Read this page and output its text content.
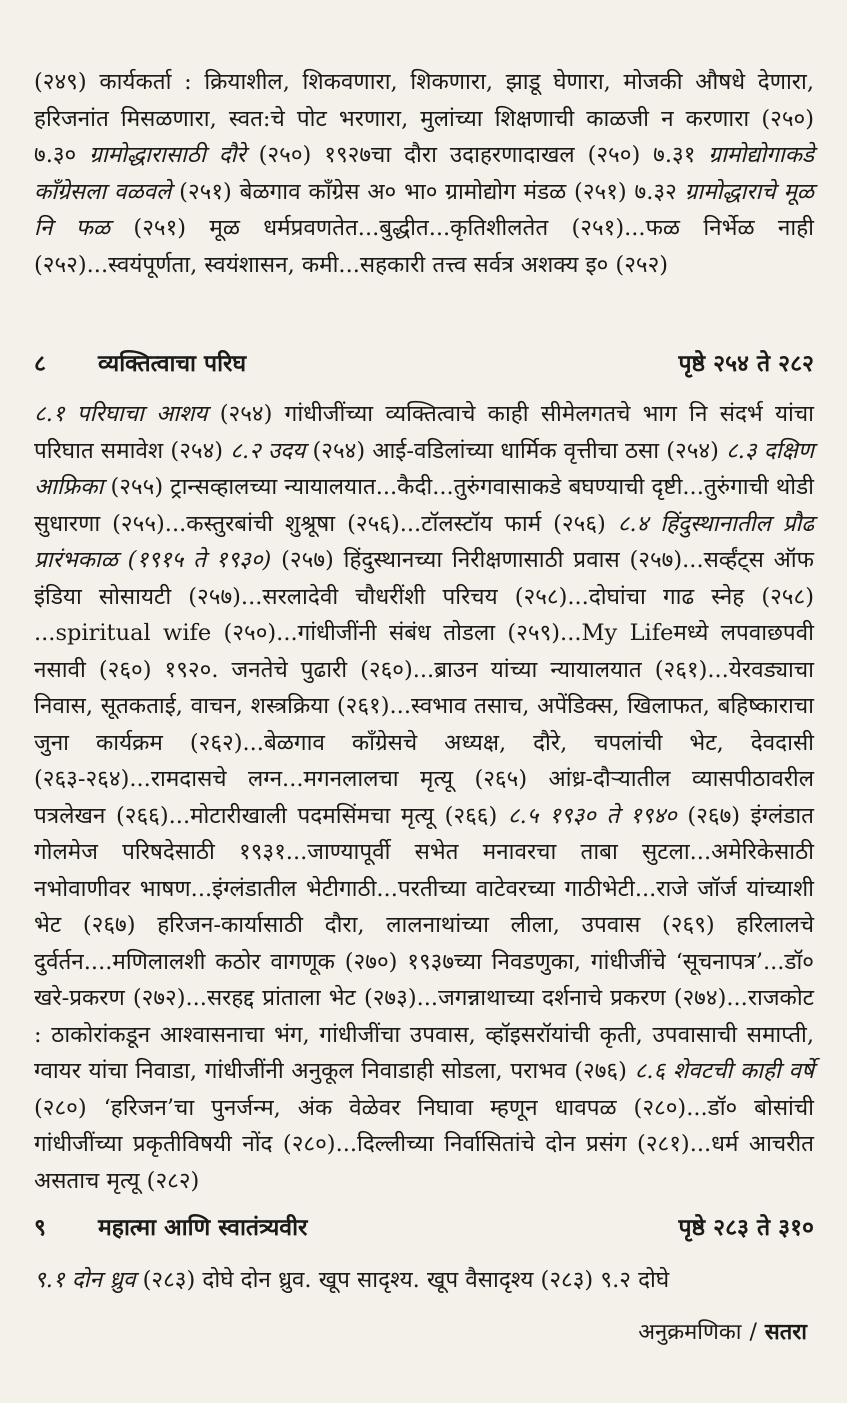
(२४९) कार्यकर्ता : क्रियाशील, शिकवणारा, शिकणारा, झाडू घेणारा, मोजकी औषधे देणारा, हरिजनांत मिसळणारा, स्वत:चे पोट भरणारा, मुलांच्या शिक्षणाची काळजी न करणारा (२५०) ७.३० ग्रामोद्धारासाठी दौरे (२५०) १९२७चा दौरा उदाहरणादाखल (२५०) ७.३१ ग्रामोद्योगाकडे काँग्रेसला वळवले (२५१) बेळगाव काँग्रेस अ० भा० ग्रामोद्योग मंडळ (२५१) ७.३२ ग्रामोद्धाराचे मूळ नि फळ (२५१) मूळ धर्मप्रवणतेत...बुद्धीत...कृतिशीलतेत (२५१)...फळ निर्भेळ नाही (२५२)...स्वयंपूर्णता, स्वयंशासन, कमी...सहकारी तत्त्व सर्वत्र अशक्य इ० (२५२)

८ व्यक्तित्वाचा परिघ	पृष्ठे २५४ ते २८२

८.१ परिघाचा आशय (२५४) गांधीजींच्या व्यक्तित्वाचे काही सीमेलगतचे भाग नि संदर्भ यांचा परिघात समावेश (२५४) ८.२ उदय (२५४) आई-वडिलांच्या धार्मिक वृत्तीचा ठसा (२५४) ८.३ दक्षिण आफ्रिका (२५५) ट्रान्सव्हालच्या न्यायालयात...कैदी...तुरुंगवासाकडे बघण्याची दृष्टी...तुरुंगाची थोडी सुधारणा (२५५)...कस्तुरबांची शुश्रूषा (२५६)...टॉलस्टॉय फार्म (२५६) ८.४ हिंदुस्थानातील प्रौढ प्रारंभकाळ (१९१५ ते १९३०) (२५७) हिंदुस्थानच्या निरीक्षणासाठी प्रवास (२५७)...सर्व्हंट्स ऑफ इंडिया सोसायटी (२५७)...सरलादेवी चौधरींशी परिचय (२५८)...दोघांचा गाढ स्नेह (२५८) ...spiritual wife (२५०)...गांधीजींनी संबंध तोडला (२५९)...My Lifeमध्ये लपवाछपवी नसावी (२६०) १९२०. जनतेचे पुढारी (२६०)...ब्राउन यांच्या न्यायालयात (२६१)...येरवड्याचा निवास, सूतकताई, वाचन, शस्त्रक्रिया (२६१)...स्वभाव तसाच, अपेंडिक्स, खिलाफत, बहिष्काराचा जुना कार्यक्रम (२६२)...बेळगाव काँग्रेसचे अध्यक्ष, दौरे, चपलांची भेट, देवदासी (२६३-२६४)...रामदासचे लग्न...मगनलालचा मृत्यू (२६५) आंध्र-दौऱ्यातील व्यासपीठावरील पत्रलेखन (२६६)...मोटारीखाली पदमसिंमचा मृत्यू (२६६) ८.५ १९३० ते १९४० (२६७) इंग्लंडात गोलमेज परिषदेसाठी १९३१...जाण्यापूर्वी सभेत मनावरचा ताबा सुटला...अमेरिकेसाठी नभोवाणीवर भाषण...इंग्लंडातील भेटीगाठी...परतीच्या वाटेवरच्या गाठीभेटी...राजे जॉर्ज यांच्याशी भेट (२६७) हरिजन-कार्यासाठी दौरा, लालनाथांच्या लीला, उपवास (२६९) हरिलालचे दुर्वर्तन....मणिलालशी कठोर वागणूक (२७०) १९३७च्या निवडणुका, गांधीजींचे ‘सूचनापत्र’...डॉ० खरे-प्रकरण (२७२)...सरहद्द प्रांताला भेट (२७३)...जगन्नाथाच्या दर्शनाचे प्रकरण (२७४)...राजकोट : ठाकोरांकडून आश्वासनाचा भंग, गांधीजींचा उपवास, व्हॉइसरॉयांची कृती, उपवासाची समाप्ती, ग्वायर यांचा निवाडा, गांधीजींनी अनुकूल निवाडाही सोडला, पराभव (२७६) ८.६ शेवटची काही वर्षे (२८०) ‘हरिजन’चा पुनर्जन्म, अंक वेळेवर निघावा म्हणून धावपळ (२८०)...डॉ० बोसांची गांधीजींच्या प्रकृतीविषयी नोंद (२८०)...दिल्लीच्या निर्वासितांचे दोन प्रसंग (२८१)...धर्म आचरीत असताच मृत्यू (२८२)

९ महात्मा आणि स्वातंत्र्यवीर	पृष्ठे २८३ ते ३१०

९.१ दोन ध्रुव (२८३) दोघे दोन ध्रुव. खूप सादृश्य. खूप वैसादृश्य (२८३) ९.२ दोघे

अनुक्रमणिका / सतरा
